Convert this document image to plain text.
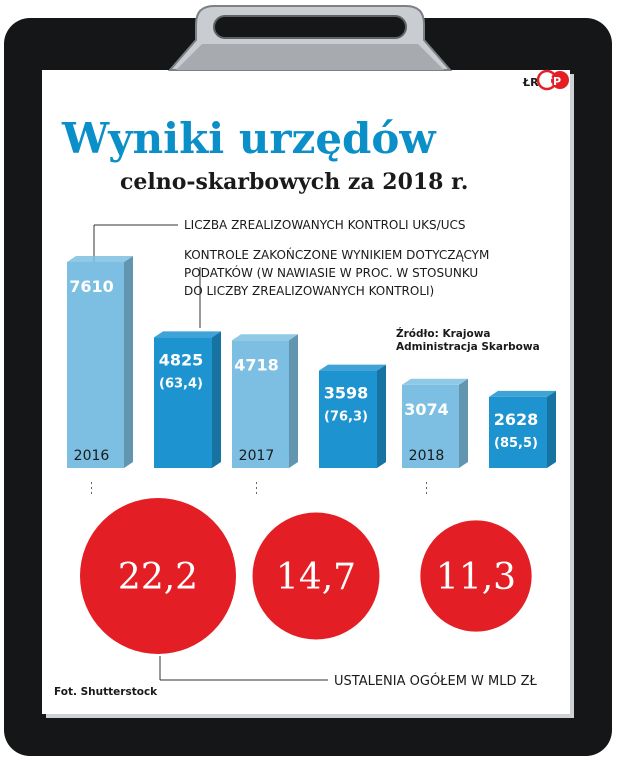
ŁR CP
Wyniki urzędów
celno-skarbowych za 2018 r.
LICZBA ZREALIZOWANYCH KONTROLI UKS/UCS
KONTROLE ZAKOŃCZONE WYNIKIEM DOTYCZĄCYM
PODATKÓW (W NAWIASIE W PROC. W STOSUNKU
DO LICZBY ZREALIZOWANYCH KONTROLI)
Źródło: Krajowa
Administracja Skarbowa
7610
4825
(63,4)
2016
4718
3598
(76,3)
2017
3074
2628
(85,5)
2018
22,2 14,7 11,3
USTALENIA OGÓŁEM W MLD ZŁ
Fot. Shutterstock
